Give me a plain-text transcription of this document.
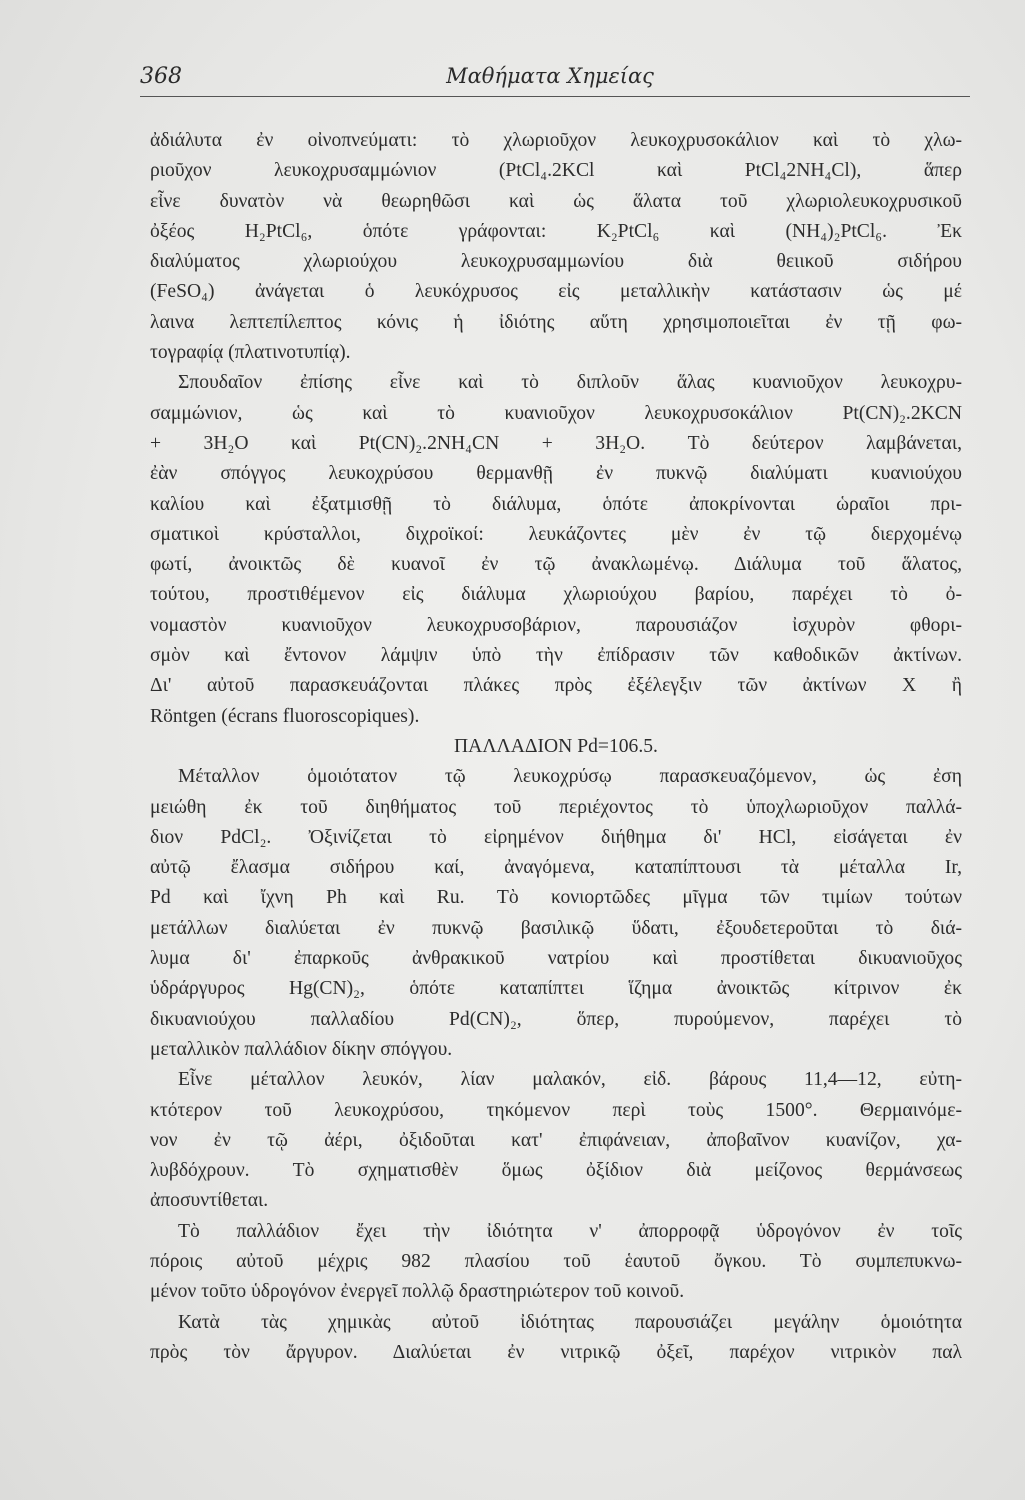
368	Μαθήματα Χημείας
ἀδιάλυτα ἐν οἰνοπνεύματι: τὸ χλωριοῦχον λευκοχρυσοκάλιον καὶ τὸ χλω-
ριοῦχον λευκοχρυσαμμώνιον (PtCl₄.2KCl καὶ PtCl₄2NH₄Cl), ἅπερ
εἶνε δυνατὸν νὰ θεωρηθῶσι καὶ ὡς ἅλατα τοῦ χλωριολευκοχρυσικοῦ
ὀξέος H₂PtCl₆, ὁπότε γράφονται: K₂PtCl₆ καὶ (NH₄)₂PtCl₆. Ἐκ
διαλύματος χλωριούχου λευκοχρυσαμμωνίου διὰ θειικοῦ σιδήρου
(FeSO₄) ἀνάγεται ὁ λευκόχρυσος εἰς μεταλλικὴν κατάστασιν ὡς μέ
λαινα λεπτεπίλεπτος κόνις ἡ ἰδιότης αὕτη χρησιμοποιεῖται ἐν τῇ φω-
τογραφίᾳ (πλατινοτυπίᾳ).
Σπουδαῖον ἐπίσης εἶνε καὶ τὸ διπλοῦν ἅλας κυανιοῦχον λευκοχρυ-
σαμμώνιον, ὡς καὶ τὸ κυανιοῦχον λευκοχρυσοκάλιον Pt(CN)₂.2KCN
+ 3H₂O καὶ Pt(CN)₂.2NH₄CN + 3H₂O. Τὸ δεύτερον λαμβάνεται,
ἐὰν σπόγγος λευκοχρύσου θερμανθῇ ἐν πυκνῷ διαλύματι κυανιούχου
καλίου καὶ ἐξατμισθῇ τὸ διάλυμα, ὁπότε ἀποκρίνονται ὡραῖοι πρι-
σματικοὶ κρύσταλλοι, διχροϊκοί: λευκάζοντες μὲν ἐν τῷ διερχομένῳ
φωτί, ἀνοικτῶς δὲ κυανοῖ ἐν τῷ ἀνακλωμένῳ. Διάλυμα τοῦ ἅλατος,
τούτου, προστιθέμενον εἰς διάλυμα χλωριούχου βαρίου, παρέχει τὸ ὀ-
νομαστὸν κυανιοῦχον λευκοχρυσοβάριον, παρουσιάζον ἰσχυρὸν φθορι-
σμὸν καὶ ἔντονον λάμψιν ὑπὸ τὴν ἐπίδρασιν τῶν καθοδικῶν ἀκτίνων.
Δι' αὐτοῦ παρασκευάζονται πλάκες πρὸς ἐξέλεγξιν τῶν ἀκτίνων X ἢ
Röntgen (écrans fluoroscopiques).
ΠΑΛΛΑΔΙΟΝ Pd=106.5.
Μέταλλον ὁμοιότατον τῷ λευκοχρύσῳ παρασκευαζόμενον, ὡς ἐση
μειώθη ἐκ τοῦ διηθήματος τοῦ περιέχοντος τὸ ὑποχλωριοῦχον παλλά-
διον PdCl₂. Ὀξινίζεται τὸ εἰρημένον διήθημα δι' HCl, εἰσάγεται ἐν
αὐτῷ ἔλασμα σιδήρου καί, ἀναγόμενα, καταπίπτουσι τὰ μέταλλα Ir,
Pd καὶ ἴχνη Ph καὶ Ru. Τὸ κονιορτῶδες μῖγμα τῶν τιμίων τούτων
μετάλλων διαλύεται ἐν πυκνῷ βασιλικῷ ὕδατι, ἐξουδετεροῦται τὸ διά-
λυμα δι' ἐπαρκοῦς ἀνθρακικοῦ νατρίου καὶ προστίθεται δικυανιοῦχος
ὑδράργυρος Hg(CN)₂, ὁπότε καταπίπτει ἵζημα ἀνοικτῶς κίτρινον ἐκ
δικυανιούχου παλλαδίου Pd(CN)₂, ὅπερ, πυρούμενον, παρέχει τὸ
μεταλλικὸν παλλάδιον δίκην σπόγγου.
Εἶνε μέταλλον λευκόν, λίαν μαλακόν, εἰδ. βάρους 11,4—12, εὐτη-
κτότερον τοῦ λευκοχρύσου, τηκόμενον περὶ τοὺς 1500°. Θερμαινόμε-
νον ἐν τῷ ἀέρι, ὀξιδοῦται κατ' ἐπιφάνειαν, ἀποβαῖνον κυανίζον, χα-
λυβδόχρουν. Τὸ σχηματισθὲν ὅμως ὀξίδιον διὰ μείζονος θερμάνσεως
ἀποσυντίθεται.
Τὸ παλλάδιον ἔχει τὴν ἰδιότητα ν' ἀπορροφᾷ ὑδρογόνον ἐν τοῖς
πόροις αὐτοῦ μέχρις 982 πλασίου τοῦ ἑαυτοῦ ὄγκου. Τὸ συμπεπυκνω-
μένον τοῦτο ὑδρογόνον ἐνεργεῖ πολλῷ δραστηριώτερον τοῦ κοινοῦ.
Κατὰ τὰς χημικὰς αὐτοῦ ἰδιότητας παρουσιάζει μεγάλην ὁμοιότητα
πρὸς τὸν ἄργυρον. Διαλύεται ἐν νιτρικῷ ὀξεῖ, παρέχον νιτρικὸν παλ
